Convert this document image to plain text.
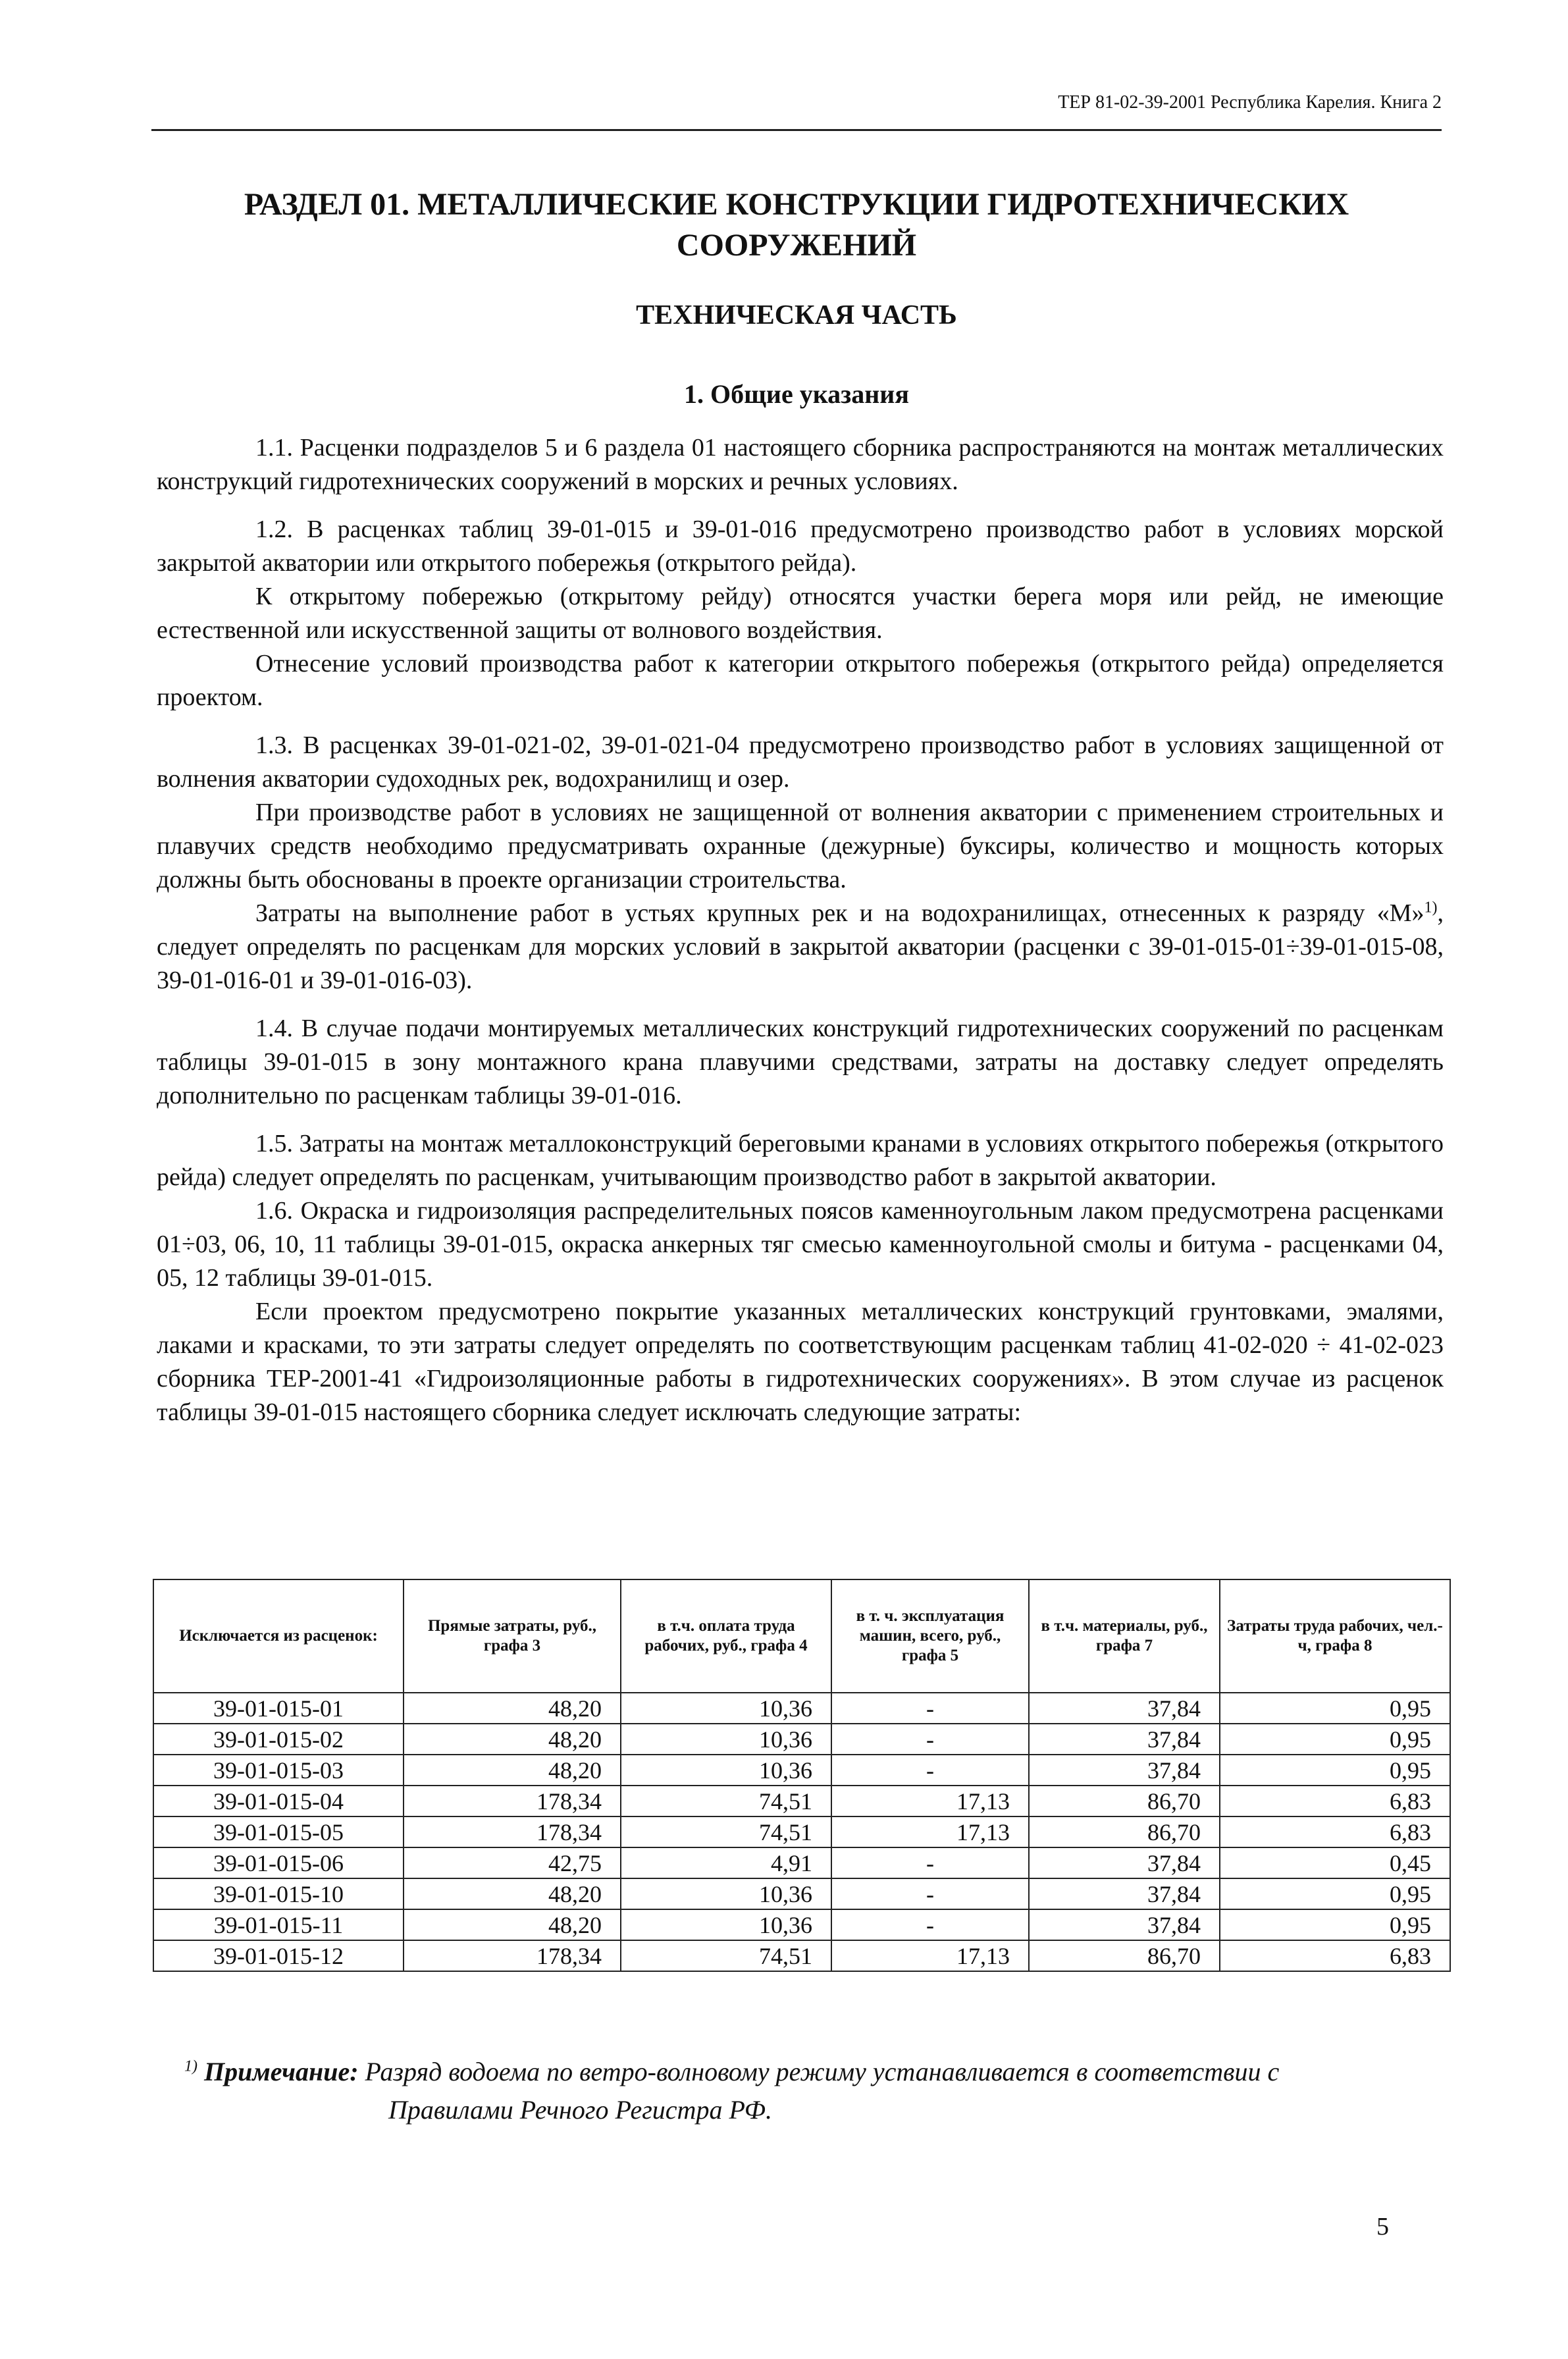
ТЕР 81-02-39-2001 Республика Карелия. Книга 2
РАЗДЕЛ 01. МЕТАЛЛИЧЕСКИЕ КОНСТРУКЦИИ ГИДРОТЕХНИЧЕСКИХ
СООРУЖЕНИЙ
ТЕХНИЧЕСКАЯ ЧАСТЬ
1. Общие указания

1.1. Расценки подразделов 5 и 6 раздела 01 настоящего сборника распространяются на монтаж металлических конструкций гидротехнических сооружений в морских и речных условиях.

1.2. В расценках таблиц 39-01-015 и 39-01-016 предусмотрено производство работ в условиях морской закрытой акватории или открытого побережья (открытого рейда).

К открытому побережью (открытому рейду) относятся участки берега моря или рейд, не имеющие естественной или искусственной защиты от волнового воздействия.

Отнесение условий производства работ к категории открытого побережья (открытого рейда) определяется проектом.

1.3. В расценках 39-01-021-02, 39-01-021-04 предусмотрено производство работ в условиях защищенной от волнения акватории судоходных рек, водохранилищ и озер.

При производстве работ в условиях не защищенной от волнения акватории с применением строительных и плавучих средств необходимо предусматривать охранные (дежурные) буксиры, количество и мощность которых должны быть обоснованы в проекте организации строительства.

Затраты на выполнение работ в устьях крупных рек и на водохранилищах, отнесенных к разряду «М»$^{1)}$, следует определять по расценкам для морских условий в закрытой акватории (расценки с 39-01-015-01÷39-01-015-08, 39-01-016-01 и 39-01-016-03).

1.4. В случае подачи монтируемых металлических конструкций гидротехнических сооружений по расценкам таблицы 39-01-015 в зону монтажного крана плавучими средствами, затраты на доставку следует определять дополнительно по расценкам таблицы 39-01-016.

1.5. Затраты на монтаж металлоконструкций береговыми кранами в условиях открытого побережья (открытого рейда) следует определять по расценкам, учитывающим производство работ в закрытой акватории.

1.6. Окраска и гидроизоляция распределительных поясов каменноугольным лаком предусмотрена расценками 01÷03, 06, 10, 11 таблицы 39-01-015, окраска анкерных тяг смесью каменноугольной смолы и битума - расценками 04, 05, 12 таблицы 39-01-015.

Если проектом предусмотрено покрытие указанных металлических конструкций грунтовками, эмалями, лаками и красками, то эти затраты следует определять по соответствующим расценкам таблиц 41-02-020 ÷ 41-02-023 сборника ТЕР-2001-41 «Гидроизоляционные работы в гидротехнических сооружениях». В этом случае из расценок таблицы 39-01-015 настоящего сборника следует исключать следующие затраты:

Исключается из расценок:	Прямые затраты, руб., графа 3	в т.ч. оплата труда рабочих, руб., графа 4	в т. ч. эксплуатация машин, всего, руб., графа 5	в т.ч. материалы, руб., графа 7	Затраты труда рабочих, чел.-ч, графа 8
39-01-015-01	48,20	10,36	-	37,84	0,95
39-01-015-02	48,20	10,36	-	37,84	0,95
39-01-015-03	48,20	10,36	-	37,84	0,95
39-01-015-04	178,34	74,51	17,13	86,70	6,83
39-01-015-05	178,34	74,51	17,13	86,70	6,83
39-01-015-06	42,75	4,91	-	37,84	0,45
39-01-015-10	48,20	10,36	-	37,84	0,95
39-01-015-11	48,20	10,36	-	37,84	0,95
39-01-015-12	178,34	74,51	17,13	86,70	6,83
$^{1)}$ Примечание: Разряд водоема по ветро-волновому режиму устанавливается в соответствии с
Правилами Речного Регистра РФ.
5
